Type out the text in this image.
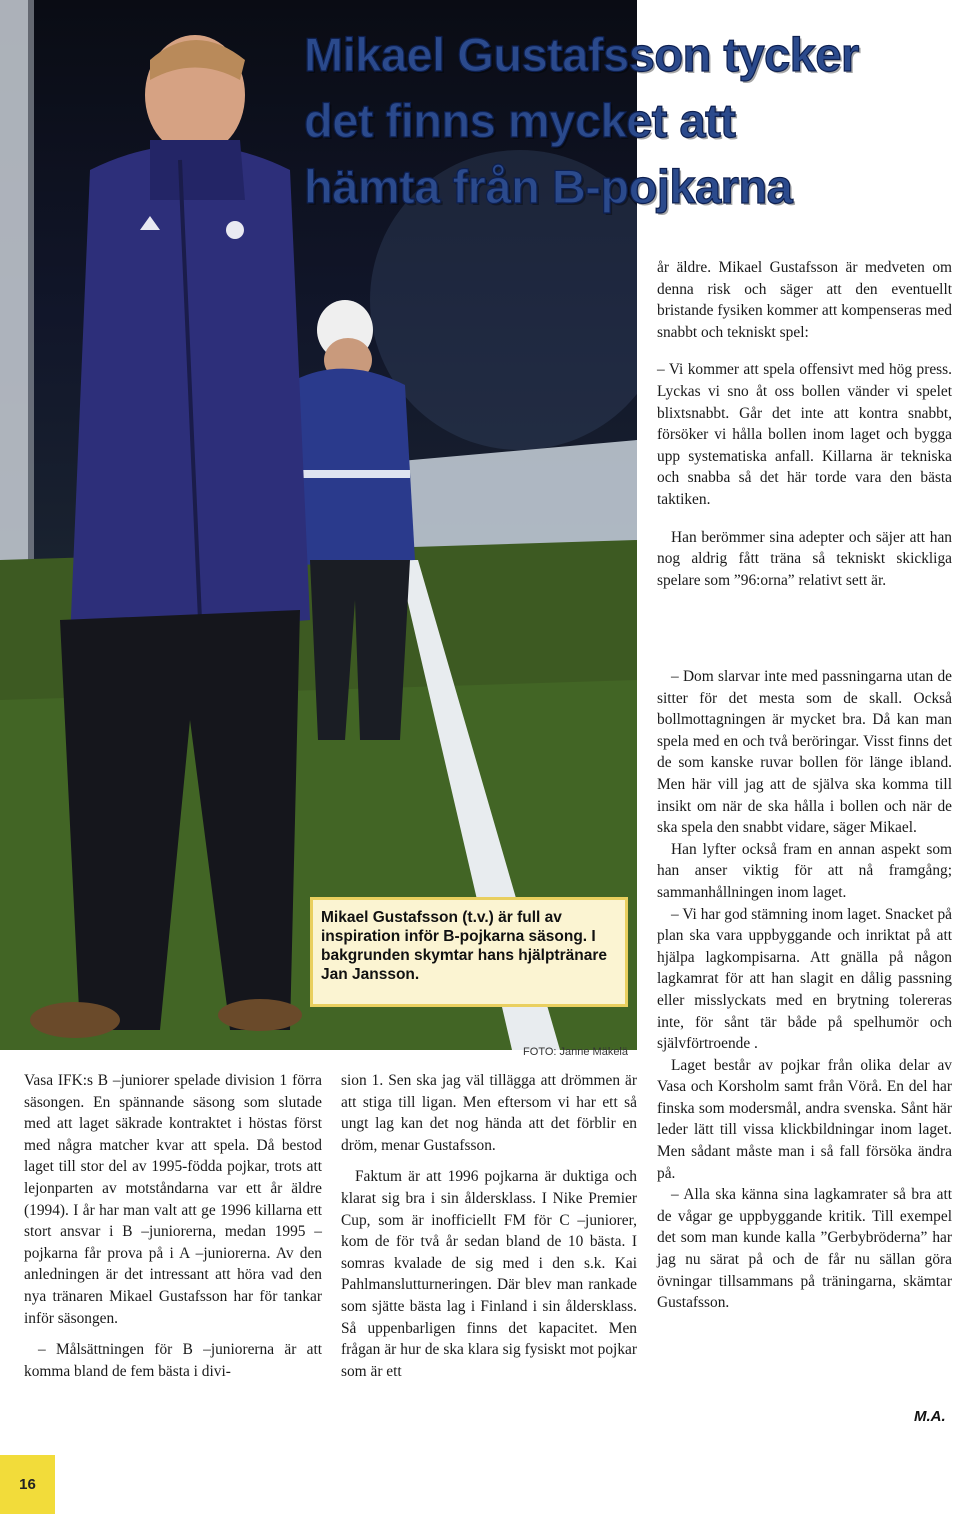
Mikael Gustafsson tycker
det finns mycket att
hämta från B-pojkarna
Mikael Gustafsson (t.v.) är full av inspiration inför B-pojkarna säsong. I bakgrunden skymtar hans hjälptränare Jan Jansson.
FOTO: Janne Mäkelä

Vasa IFK:s B –juniorer spelade division 1 förra säsongen. En spännande säsong som slutade med att laget säkrade kontraktet i höstas först med några matcher kvar att spela. Då bestod laget till stor del av 1995-födda pojkar, trots att lejonparten av motståndarna var ett år äldre (1994). I år har man valt att ge 1996 killarna ett stort ansvar i B –juniorerna, medan 1995 –pojkarna får prova på i A –juniorerna. Av den anledningen är det intressant att höra vad den nya tränaren Mikael Gustafsson har för tankar inför säsongen.

– Målsättningen för B –juniorerna är att komma bland de fem bästa i divi-

sion 1. Sen ska jag väl tillägga att drömmen är att stiga till ligan. Men eftersom vi har ett så ungt lag kan det nog hända att det förblir en dröm, menar Gustafsson.

Faktum är att 1996 pojkarna är duktiga och klarat sig bra i sin åldersklass. I Nike Premier Cup, som är inofficiellt FM för C –juniorer, kom de för två år sedan bland de 10 bästa. I somras kvalade de sig med i den s.k. Kai Pahlmanslutturneringen. Där blev man rankade som sjätte bästa lag i Finland i sin åldersklass. Så uppenbarligen finns det kapacitet. Men frågan är hur de ska klara sig fysiskt mot pojkar som är ett

år äldre. Mikael Gustafsson är medveten om denna risk och säger att den eventuellt bristande fysiken kommer att kompenseras med snabbt och tekniskt spel:

– Vi kommer att spela offensivt med hög press. Lyckas vi sno åt oss bollen vänder vi spelet blixtsnabbt. Går det inte att kontra snabbt, försöker vi hålla bollen inom laget och bygga upp systematiska anfall. Killarna är tekniska och snabba så det här torde vara den bästa taktiken.

Han berömmer sina adepter och säjer att han nog aldrig fått träna så tekniskt skickliga spelare som ”96:orna” relativt sett är.

– Dom slarvar inte med passningarna utan de sitter för det mesta som de skall. Också bollmottagningen är mycket bra. Då kan man spela med en och två beröringar. Visst finns det de som kanske ruvar bollen för länge ibland. Men här vill jag att de själva ska komma till insikt om när de ska hålla i bollen och när de ska spela den snabbt vidare, säger Mikael.

Han lyfter också fram en annan aspekt som han anser viktig för att nå framgång; sammanhållningen inom laget.

– Vi har god stämning inom laget. Snacket på plan ska vara uppbyggande och inriktat på att hjälpa lagkompisarna. Att gnälla på någon lagkamrat för att han slagit en dålig passning eller misslyckats med en brytning tolereras inte, för sånt tär både på spelhumör och självförtroende .

Laget består av pojkar från olika delar av Vasa och Korsholm samt från Vörå. En del har finska som modersmål, andra svenska. Sånt här leder lätt till vissa klickbildningar inom laget. Men sådant måste man i så fall försöka ändra på.

– Alla ska känna sina lagkamrater så bra att de vågar ge uppbyggande kritik. Till exempel det som man kunde kalla ”Gerbybröderna” har jag nu särat på och de får nu sällan göra övningar tillsammans på träningarna, skämtar Gustafsson.

M.A.
16
